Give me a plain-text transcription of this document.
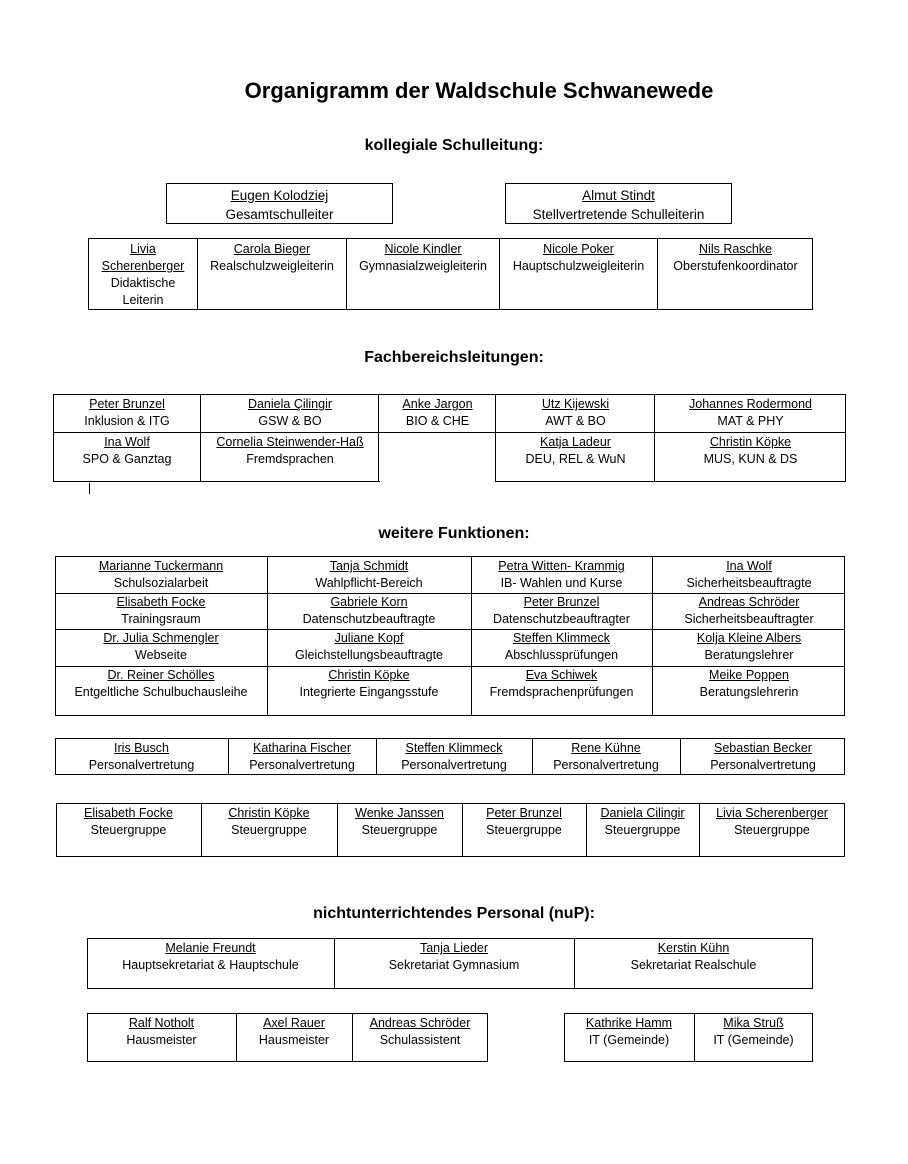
Organigramm der Waldschule Schwanewede
kollegiale Schulleitung:
Eugen Kolodziej
Gesamtschulleiter
Almut Stindt
Stellvertretende Schulleiterin
Livia Scherenberger
Didaktische Leiterin
Carola Bieger
Realschulzweigleiterin
Nicole Kindler
Gymnasialzweigleiterin
Nicole Poker
Hauptschulzweigleiterin
Nils Raschke
Oberstufenkoordinator
Fachbereichsleitungen:
Peter Brunzel
Inklusion & ITG
Daniela Çilingir
GSW & BO
Anke Jargon
BIO & CHE
Utz Kijewski
AWT & BO
Johannes Rodermond
MAT & PHY
Ina Wolf
SPO & Ganztag
Cornelia Steinwender-Haß
Fremdsprachen
Katja Ladeur
DEU, REL & WuN
Christin Köpke
MUS, KUN & DS
weitere Funktionen:
Marianne Tuckermann
Schulsozialarbeit
Tanja Schmidt
Wahlpflicht-Bereich
Petra Witten- Krammig
IB- Wahlen und Kurse
Ina Wolf
Sicherheitsbeauftragte
Elisabeth Focke
Trainingsraum
Gabriele Korn
Datenschutzbeauftragte
Peter Brunzel
Datenschutzbeauftragter
Andreas Schröder
Sicherheitsbeauftragter
Dr. Julia Schmengler
Webseite
Juliane Kopf
Gleichstellungsbeauftragte
Steffen Klimmeck
Abschlussprüfungen
Kolja Kleine Albers
Beratungslehrer
Dr. Reiner Schölles
Entgeltliche Schulbuchausleihe
Christin Köpke
Integrierte Eingangsstufe
Eva Schiwek
Fremdsprachenprüfungen
Meike Poppen
Beratungslehrerin
Iris Busch
Personalvertretung
Katharina Fischer
Personalvertretung
Steffen Klimmeck
Personalvertretung
Rene Kühne
Personalvertretung
Sebastian Becker
Personalvertretung
Elisabeth Focke
Steuergruppe
Christin Köpke
Steuergruppe
Wenke Janssen
Steuergruppe
Peter Brunzel
Steuergruppe
Daniela Cilingir
Steuergruppe
Livia Scherenberger
Steuergruppe
nichtunterrichtendes Personal (nuP):
Melanie Freundt
Hauptsekretariat & Hauptschule
Tanja Lieder
Sekretariat Gymnasium
Kerstin Kühn
Sekretariat Realschule
Ralf Notholt
Hausmeister
Axel Rauer
Hausmeister
Andreas Schröder
Schulassistent
Kathrike Hamm
IT (Gemeinde)
Mika Struß
IT (Gemeinde)
